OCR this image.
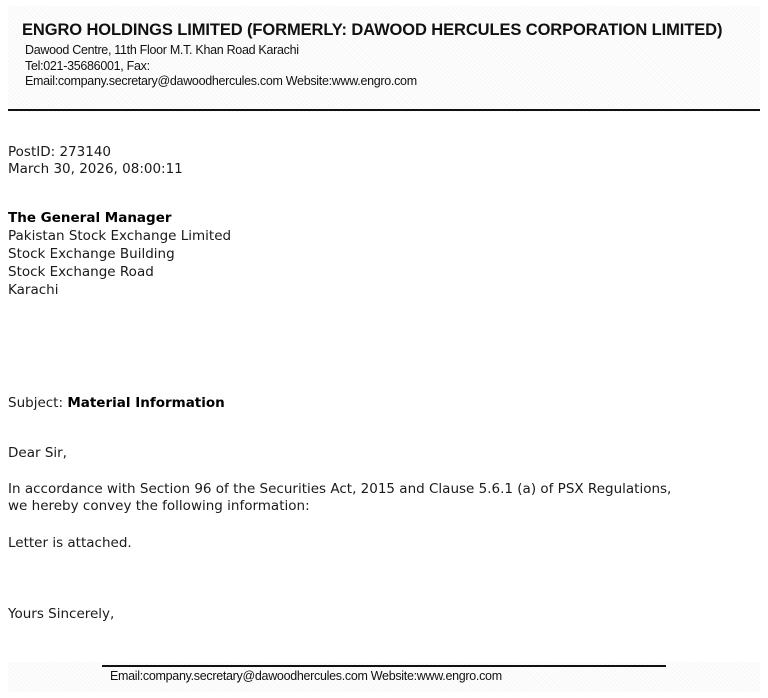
ENGRO HOLDINGS LIMITED (FORMERLY: DAWOOD HERCULES CORPORATION LIMITED)
Dawood Centre, 11th Floor M.T. Khan Road Karachi
Tel:021-35686001, Fax:
Email:company.secretary@dawoodhercules.com Website:www.engro.com
PostID: 273140
March 30, 2026, 08:00:11
The General Manager
Pakistan Stock Exchange Limited
Stock Exchange Building
Stock Exchange Road
Karachi
Subject: Material Information
Dear Sir,
In accordance with Section 96 of the Securities Act, 2015 and Clause 5.6.1 (a) of PSX Regulations,
we hereby convey the following information:
Letter is attached.
Yours Sincerely,
Email:company.secretary@dawoodhercules.com Website:www.engro.com
